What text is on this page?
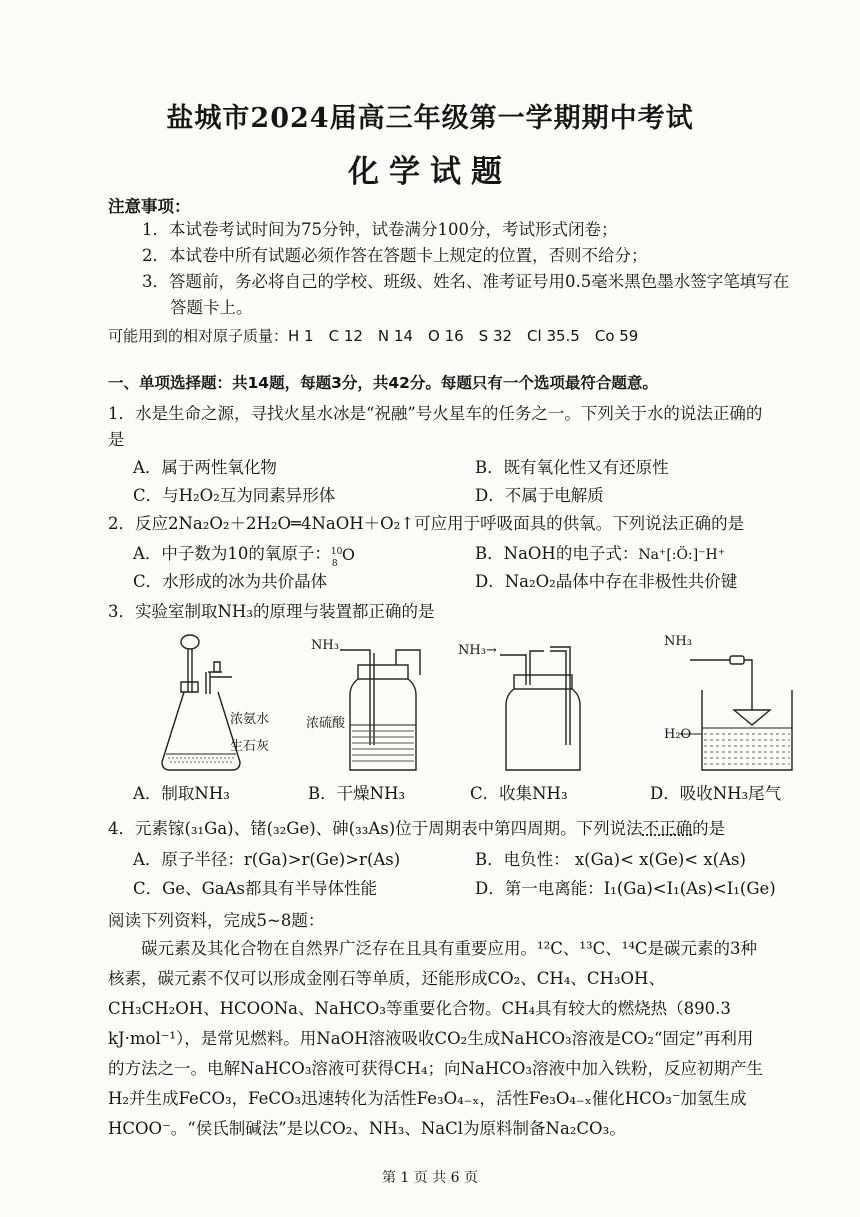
盐城市2024届高三年级第一学期期中考试
化学试题
注意事项：
1．本试卷考试时间为75分钟，试卷满分100分，考试形式闭卷；
2．本试卷中所有试题必须作答在答题卡上规定的位置，否则不给分；
3．答题前，务必将自己的学校、班级、姓名、准考证号用0.5毫米黑色墨水签字笔填写在
答题卡上。
可能用到的相对原子质量：H 1　C 12　N 14　O 16　S 32　Cl 35.5　Co 59
一、单项选择题：共14题，每题3分，共42分。每题只有一个选项最符合题意。
1．水是生命之源，寻找火星水冰是“祝融”号火星车的任务之一。下列关于水的说法正确的
是
A．属于两性氧化物	B．既有氧化性又有还原性
C．与H₂O₂互为同素异形体	D．不属于电解质
2．反应2Na₂O₂＋2H₂O═4NaOH＋O₂↑可应用于呼吸面具的供氧。下列说法正确的是
A．中子数为10的氧原子： 10
8 O	B．NaOH的电子式：Na⁺[:Ö:]⁻H⁺
C．水形成的冰为共价晶体	D．Na₂O₂晶体中存在非极性共价键
3．实验室制取NH₃的原理与装置都正确的是
浓氨水
生石灰
NH₃
浓硫酸
NH₃→
NH₃
H₂O
A．制取NH₃	B．干燥NH₃	C．收集NH₃	D．吸收NH₃尾气
4．元素镓(₃₁Ga)、锗(₃₂Ge)、砷(₃₃As)位于周期表中第四周期。下列说法不正确的是
A．原子半径：r(Ga)>r(Ge)>r(As)	B．电负性： x(Ga)< x(Ge)< x(As)
C．Ge、GaAs都具有半导体性能	D．第一电离能：I₁(Ga)<I₁(As)<I₁(Ge)
阅读下列资料，完成5~8题：
碳元素及其化合物在自然界广泛存在且具有重要应用。¹²C、¹³C、¹⁴C是碳元素的3种核素，碳元素不仅可以形成金刚石等单质，还能形成CO₂、CH₄、CH₃OH、CH₃CH₂OH、HCOONa、NaHCO₃等重要化合物。CH₄具有较大的燃烧热（890.3 kJ·mol⁻¹），是常见燃料。用NaOH溶液吸收CO₂生成NaHCO₃溶液是CO₂“固定”再利用的方法之一。电解NaHCO₃溶液可获得CH₄；向NaHCO₃溶液中加入铁粉，反应初期产生H₂并生成FeCO₃，FeCO₃迅速转化为活性Fe₃O₄₋ₓ，活性Fe₃O₄₋ₓ催化HCO₃⁻加氢生成HCOO⁻。“侯氏制碱法”是以CO₂、NH₃、NaCl为原料制备Na₂CO₃。
第 1 页 共 6 页
